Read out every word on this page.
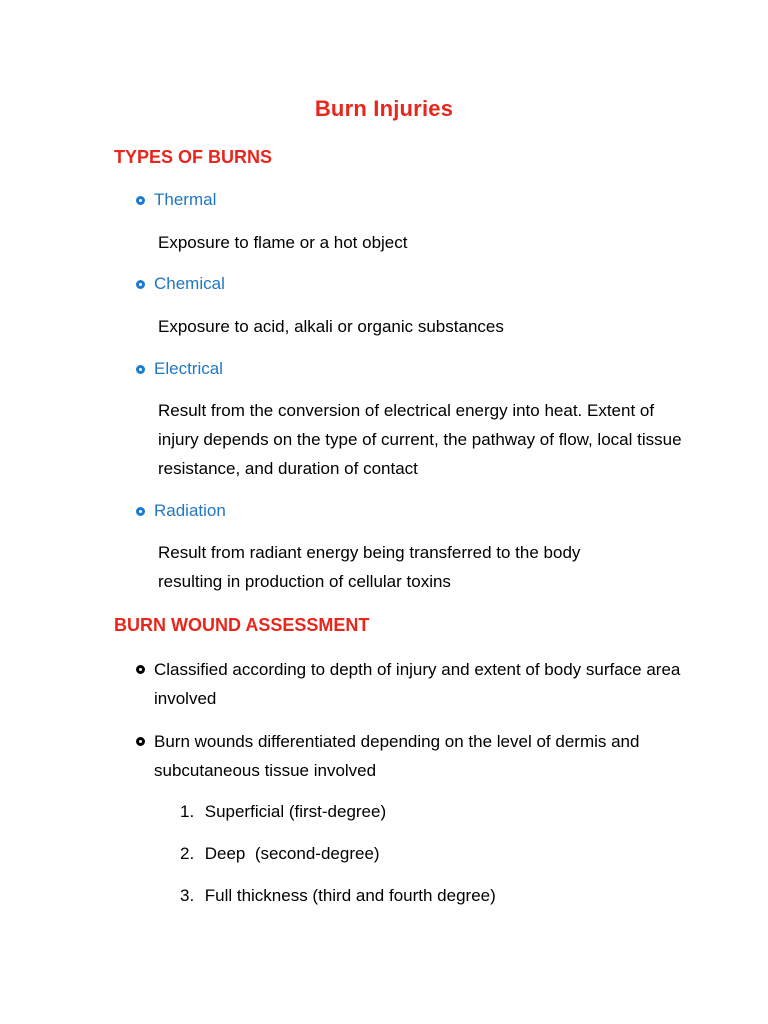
Burn Injuries
TYPES OF BURNS
Thermal
Exposure to flame or a hot object
Chemical
Exposure to acid, alkali or organic substances
Electrical
Result from the conversion of electrical energy into heat. Extent of injury depends on the type of current, the pathway of flow, local tissue resistance, and duration of contact
Radiation
Result from radiant energy being transferred to the body resulting in production of cellular toxins
BURN WOUND ASSESSMENT
Classified according to depth of injury and extent of body surface area involved
Burn wounds differentiated depending on the level of dermis and subcutaneous tissue involved
1. Superficial (first-degree)
2. Deep  (second-degree)
3. Full thickness (third and fourth degree)
